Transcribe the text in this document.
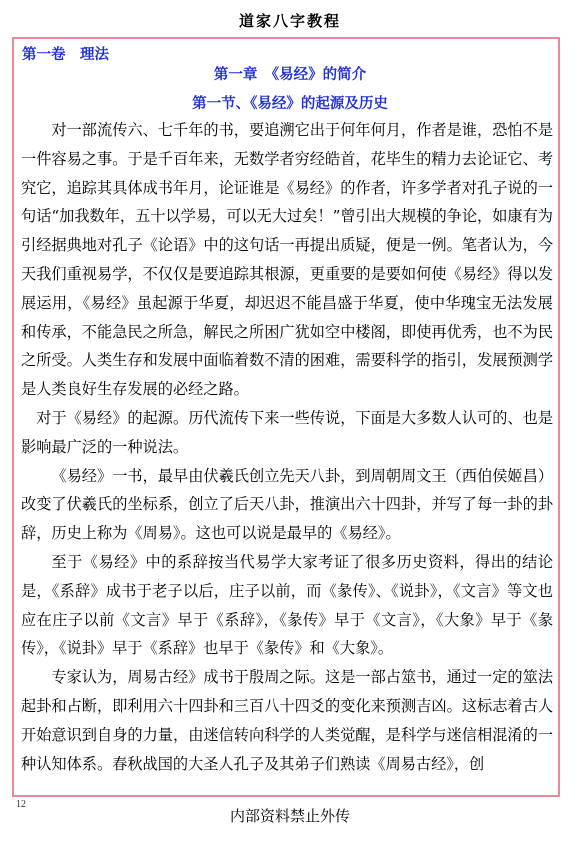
道家八字教程
第一卷　理法
第一章　《易经》的简介
第一节、《易经》的起源及历史

对一部流传六、七千年的书，要追溯它出于何年何月，作者是谁，恐怕不是一件容易之事。于是千百年来，无数学者穷经皓首，花毕生的精力去论证它、考究它，追踪其具体成书年月，论证谁是《易经》的作者，许多学者对孔子说的一句话“加我数年，五十以学易，可以无大过矣！”曾引出大规模的争论，如康有为引经据典地对孔子《论语》中的这句话一再提出质疑，便是一例。笔者认为，今天我们重视易学，不仅仅是要追踪其根源，更重要的是要如何使《易经》得以发展运用，《易经》虽起源于华夏，却迟迟不能昌盛于华夏，使中华瑰宝无法发展和传承，不能急民之所急，解民之所困广犹如空中楼阁，即使再优秀，也不为民之所受。人类生存和发展中面临着数不清的困难，需要科学的指引，发展预测学是人类良好生存发展的必经之路。

对于《易经》的起源。历代流传下来一些传说，下面是大多数人认可的、也是影响最广泛的一种说法。

《易经》一书，最早由伏羲氏创立先天八卦，到周朝周文王（西伯侯姬昌）改变了伏羲氏的坐标系，创立了后天八卦，推演出六十四卦，并写了每一卦的卦辞，历史上称为《周易》。这也可以说是最早的《易经》。

至于《易经》中的系辞按当代易学大家考证了很多历史资料，得出的结论是，《系辞》成书于老子以后，庄子以前，而《彖传》、《说卦》，《文言》等文也应在庄子以前《文言》早于《系辞》，《彖传》早于《文言》，《大象》早于《彖传》，《说卦》早于《系辞》也早于《彖传》和《大象》。

专家认为，周易古经》成书于殷周之际。这是一部占筮书，通过一定的筮法起卦和占断，即利用六十四卦和三百八十四爻的变化来预测吉凶。这标志着古人开始意识到自身的力量，由迷信转向科学的人类觉醒，是科学与迷信相混淆的一种认知体系。春秋战国的大圣人孔子及其弟子们熟读《周易古经》，创

12
内部资料禁止外传
